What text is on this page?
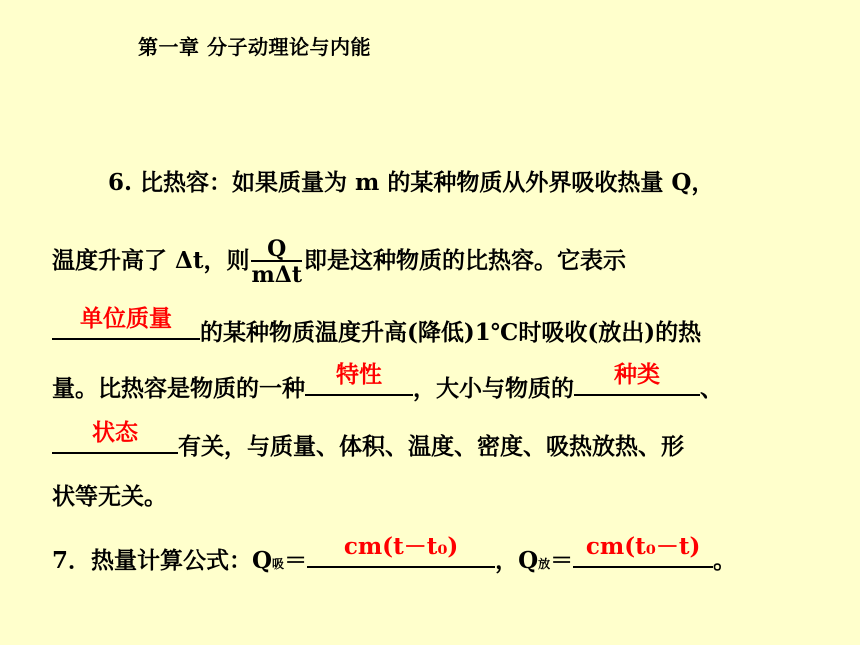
第一章 分子动理论与内能
6. 比热容：如果质量为 m 的某种物质从外界吸收热量 Q，
温度升高了 Δt，则 $\frac{Q}{\text{mΔt}}$ 即是这种物质的比热容。它表示
单位质量
的某种物质温度升高(降低)1℃时吸收(放出)的热
量。比热容是物质的一种
特性
，大小与物质的
种类
、
状态
有关，与质量、体积、温度、密度、吸热放热、形
状等无关。
7．热量计算公式：Q吸＝
cm(t－t₀)
，Q放＝
cm(t₀－t)
。
